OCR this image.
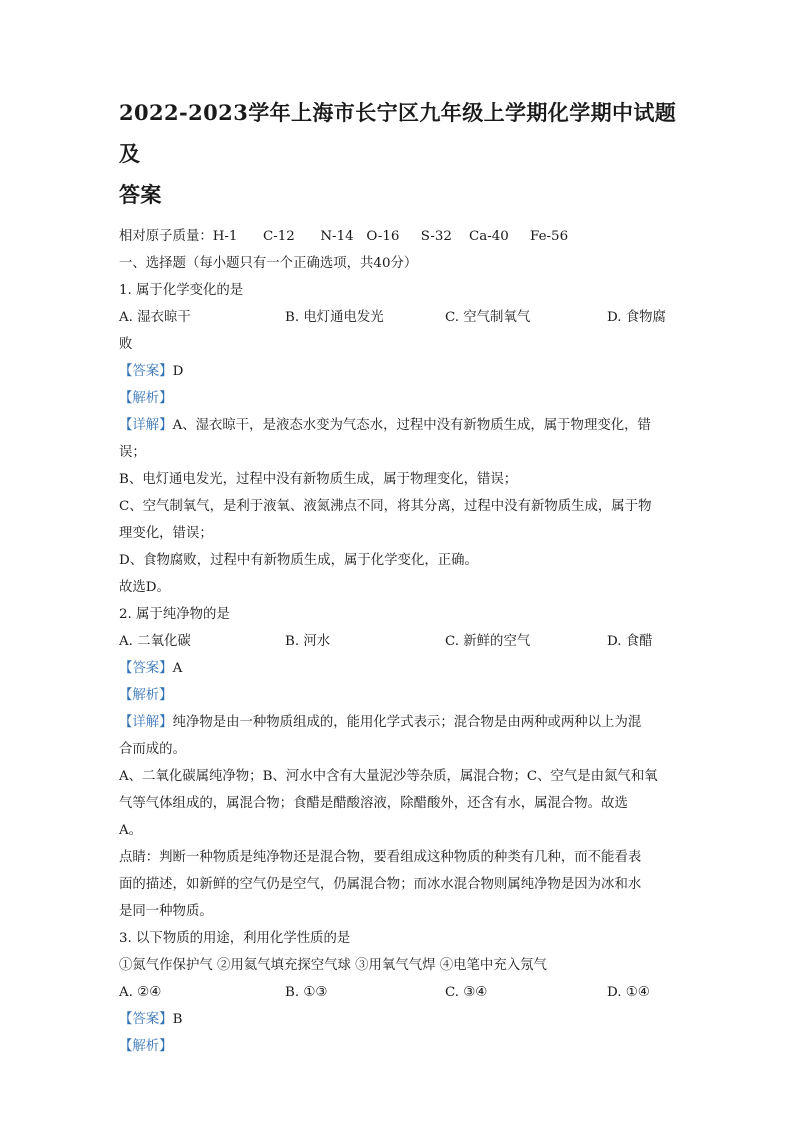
2022-2023学年上海市长宁区九年级上学期化学期中试题及
答案

相对原子质量：H-1      C-12      N-14   O-16     S-32    Ca-40     Fe-56

一、选择题（每小题只有一个正确选项，共40分）

1. 属于化学变化的是

A. 湿衣晾干	B. 电灯通电发光	C. 空气制氧气	D. 食物腐

败

【答案】D

【解析】

【详解】A、湿衣晾干，是液态水变为气态水，过程中没有新物质生成，属于物理变化，错

误；

B、电灯通电发光，过程中没有新物质生成，属于物理变化，错误；

C、空气制氧气，是利于液氧、液氮沸点不同，将其分离，过程中没有新物质生成，属于物

理变化，错误；

D、食物腐败，过程中有新物质生成，属于化学变化，正确。

故选D。

2. 属于纯净物的是

A. 二氧化碳	B. 河水	C. 新鲜的空气	D. 食醋

【答案】A

【解析】

【详解】纯净物是由一种物质组成的，能用化学式表示；混合物是由两种或两种以上为混

合而成的。

A、二氧化碳属纯净物；B、河水中含有大量泥沙等杂质，属混合物；C、空气是由氮气和氧

气等气体组成的，属混合物；食醋是醋酸溶液，除醋酸外，还含有水，属混合物。故选

A。

点睛：判断一种物质是纯净物还是混合物，要看组成这种物质的种类有几种，而不能看表

面的描述，如新鲜的空气仍是空气，仍属混合物；而冰水混合物则属纯净物是因为冰和水

是同一种物质。

3. 以下物质的用途，利用化学性质的是

①氮气作保护气 ②用氦气填充探空气球 ③用氧气气焊 ④电笔中充入氖气

A. ②④	B. ①③	C. ③④	D. ①④

【答案】B

【解析】
